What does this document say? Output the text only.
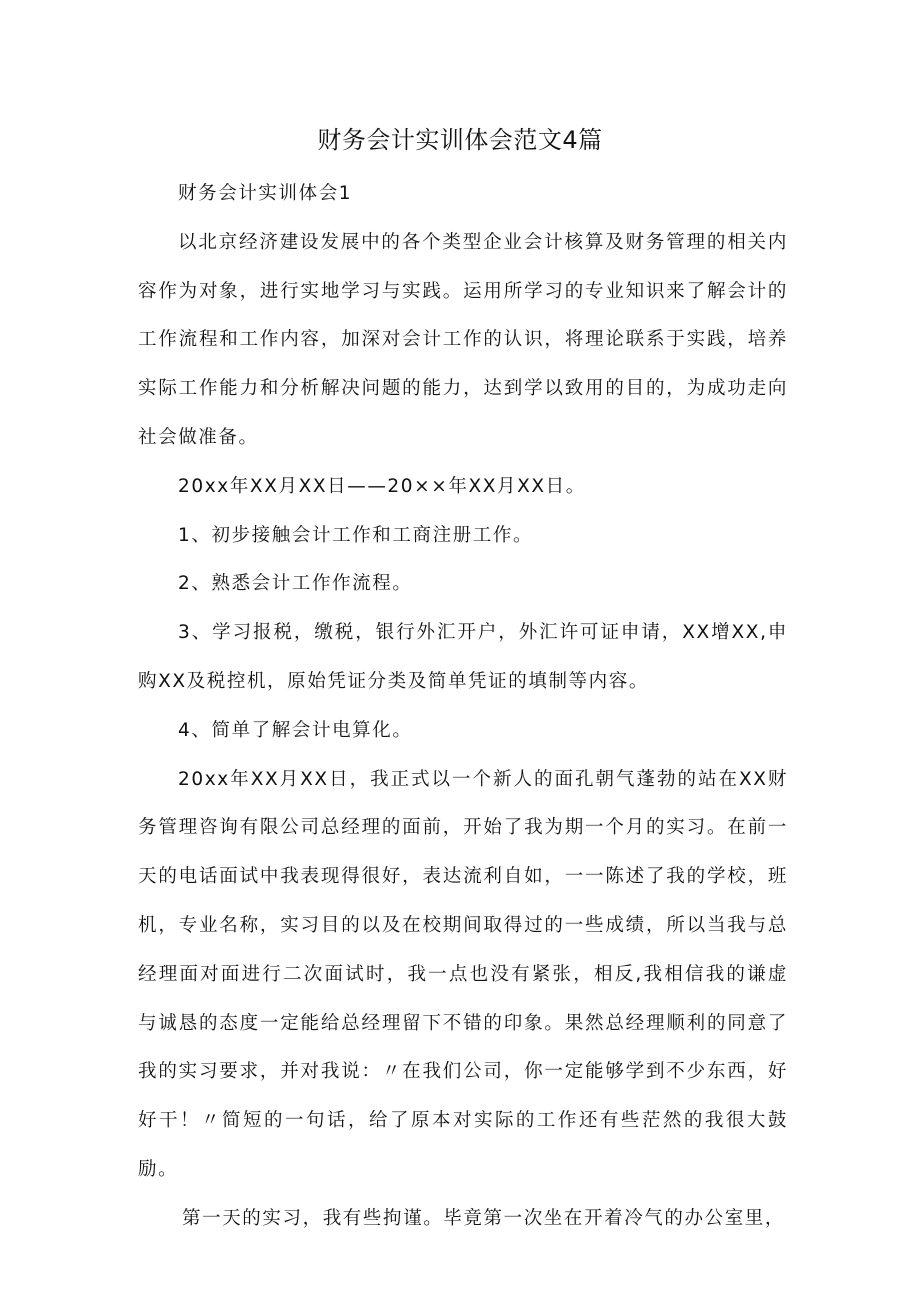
财务会计实训体会范文4篇

财务会计实训体会1

以北京经济建设发展中的各个类型企业会计核算及财务管理的相关内容作为对象，进行实地学习与实践。运用所学习的专业知识来了解会计的工作流程和工作内容，加深对会计工作的认识，将理论联系于实践，培养实际工作能力和分析解决问题的能力，达到学以致用的目的，为成功走向社会做准备。

20xx年XX月XX日——20××年XX月XX日。

1、初步接触会计工作和工商注册工作。

2、熟悉会计工作作流程。

3、学习报税，缴税，银行外汇开户，外汇许可证申请，XX增XX,申购XX及税控机，原始凭证分类及简单凭证的填制等内容。

4、简单了解会计电算化。

20xx年XX月XX日，我正式以一个新人的面孔朝气蓬勃的站在XX财务管理咨询有限公司总经理的面前，开始了我为期一个月的实习。在前一天的电话面试中我表现得很好，表达流利自如，一一陈述了我的学校，班机，专业名称，实习目的以及在校期间取得过的一些成绩，所以当我与总经理面对面进行二次面试时，我一点也没有紧张，相反,我相信我的谦虚与诚恳的态度一定能给总经理留下不错的印象。果然总经理顺利的同意了我的实习要求，并对我说：〃在我们公司，你一定能够学到不少东西，好好干！〃简短的一句话，给了原本对实际的工作还有些茫然的我很大鼓励。

第一天的实习，我有些拘谨。毕竟第一次坐在开着冷气的办公室里，
